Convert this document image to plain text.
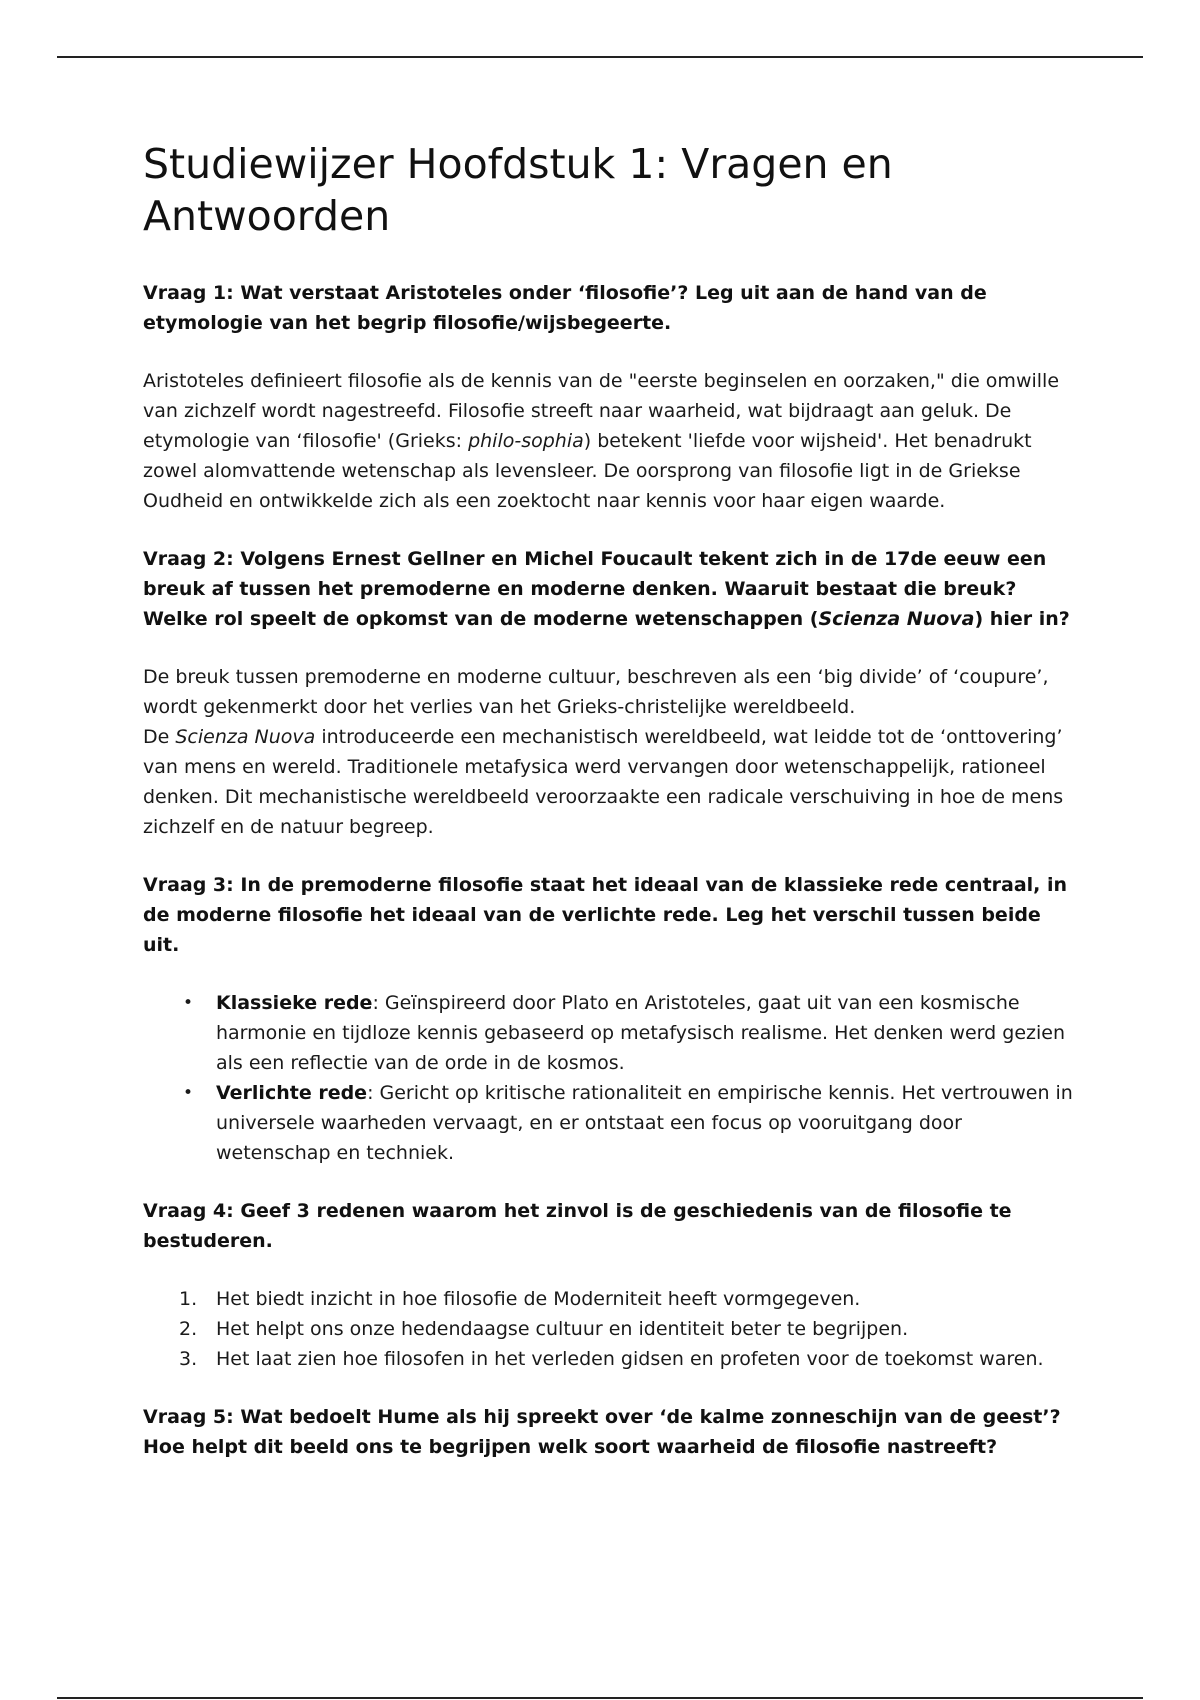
Studiewijzer Hoofdstuk 1: Vragen en Antwoorden

Vraag 1: Wat verstaat Aristoteles onder ‘filosofie’? Leg uit aan de hand van de etymologie van het begrip filosofie/wijsbegeerte.

Aristoteles definieert filosofie als de kennis van de "eerste beginselen en oorzaken," die omwille van zichzelf wordt nagestreefd. Filosofie streeft naar waarheid, wat bijdraagt aan geluk. De etymologie van ‘filosofie' (Grieks: philo-sophia) betekent 'liefde voor wijsheid'. Het benadrukt zowel alomvattende wetenschap als levensleer. De oorsprong van filosofie ligt in de Griekse Oudheid en ontwikkelde zich als een zoektocht naar kennis voor haar eigen waarde.

Vraag 2: Volgens Ernest Gellner en Michel Foucault tekent zich in de 17de eeuw een breuk af tussen het premoderne en moderne denken. Waaruit bestaat die breuk? Welke rol speelt de opkomst van de moderne wetenschappen (Scienza Nuova) hier in?

De breuk tussen premoderne en moderne cultuur, beschreven als een ‘big divide’ of ‘coupure’, wordt gekenmerkt door het verlies van het Grieks-christelijke wereldbeeld.
De Scienza Nuova introduceerde een mechanistisch wereldbeeld, wat leidde tot de ‘onttovering’ van mens en wereld. Traditionele metafysica werd vervangen door wetenschappelijk, rationeel denken. Dit mechanistische wereldbeeld veroorzaakte een radicale verschuiving in hoe de mens zichzelf en de natuur begreep.

Vraag 3: In de premoderne filosofie staat het ideaal van de klassieke rede centraal, in de moderne filosofie het ideaal van de verlichte rede. Leg het verschil tussen beide uit.

• Klassieke rede: Geïnspireerd door Plato en Aristoteles, gaat uit van een kosmische harmonie en tijdloze kennis gebaseerd op metafysisch realisme. Het denken werd gezien als een reflectie van de orde in de kosmos.
• Verlichte rede: Gericht op kritische rationaliteit en empirische kennis. Het vertrouwen in universele waarheden vervaagt, en er ontstaat een focus op vooruitgang door wetenschap en techniek.

Vraag 4: Geef 3 redenen waarom het zinvol is de geschiedenis van de filosofie te bestuderen.

1. Het biedt inzicht in hoe filosofie de Moderniteit heeft vormgegeven.
2. Het helpt ons onze hedendaagse cultuur en identiteit beter te begrijpen.
3. Het laat zien hoe filosofen in het verleden gidsen en profeten voor de toekomst waren.

Vraag 5: Wat bedoelt Hume als hij spreekt over ‘de kalme zonneschijn van de geest’? Hoe helpt dit beeld ons te begrijpen welk soort waarheid de filosofie nastreeft?
